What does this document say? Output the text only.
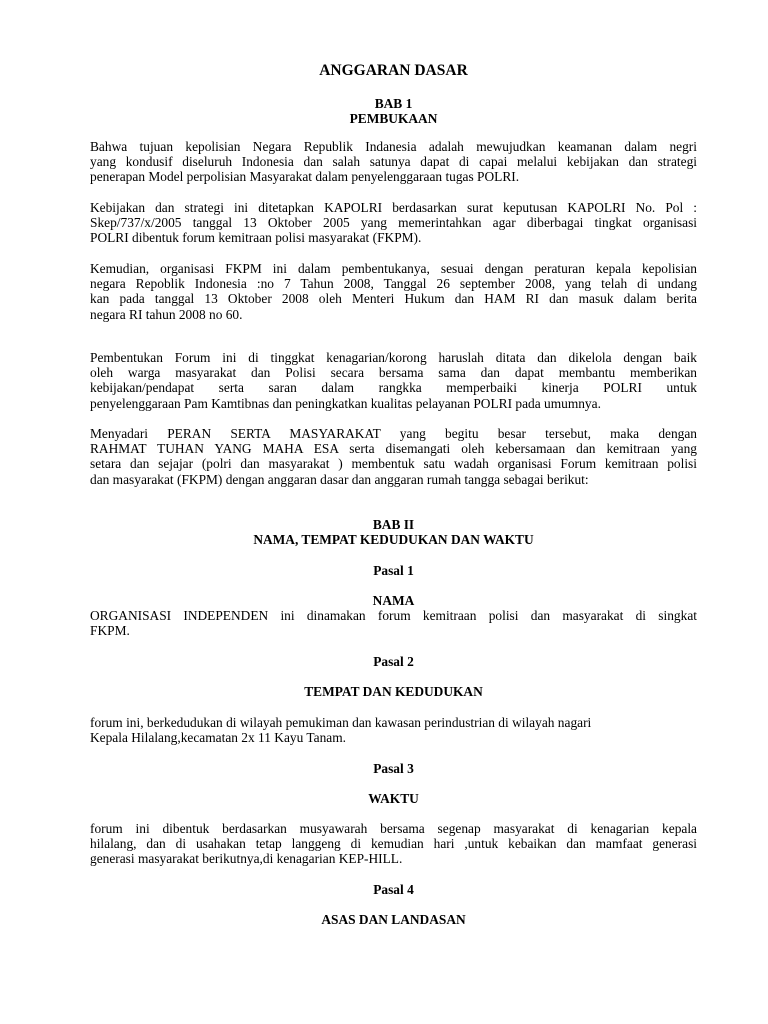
ANGGARAN DASAR
BAB 1
PEMBUKAAN

Bahwa tujuan kepolisian Negara Republik Indanesia adalah mewujudkan keamanan dalam negri

yang kondusif diseluruh Indonesia dan salah satunya dapat di capai melalui kebijakan dan strategi

penerapan Model perpolisian Masyarakat dalam penyelenggaraan tugas POLRI.

Kebijakan dan strategi ini ditetapkan KAPOLRI berdasarkan surat keputusan KAPOLRI No. Pol :

Skep/737/x/2005 tanggal 13 Oktober 2005 yang memerintahkan agar diberbagai tingkat organisasi

POLRI dibentuk forum kemitraan polisi masyarakat (FKPM).

Kemudian, organisasi FKPM ini dalam pembentukanya, sesuai dengan peraturan kepala kepolisian

negara Repoblik Indonesia :no 7 Tahun 2008, Tanggal 26 september 2008, yang telah di undang

kan pada tanggal 13 Oktober 2008 oleh Menteri Hukum dan HAM RI dan masuk dalam berita

negara RI tahun 2008 no 60.

Pembentukan Forum ini di tinggkat kenagarian/korong haruslah ditata dan dikelola dengan baik

oleh warga masyarakat dan Polisi secara bersama sama dan dapat membantu memberikan

kebijakan/pendapat serta saran dalam rangkka memperbaiki kinerja POLRI untuk

penyelenggaraan Pam Kamtibnas dan peningkatkan kualitas pelayanan POLRI pada umumnya.

Menyadari PERAN SERTA MASYARAKAT yang begitu besar tersebut, maka dengan

RAHMAT TUHAN YANG MAHA ESA serta disemangati oleh kebersamaan dan kemitraan yang

setara dan sejajar (polri dan masyarakat ) membentuk satu wadah organisasi Forum kemitraan polisi

dan masyarakat (FKPM) dengan anggaran dasar dan anggaran rumah tangga sebagai berikut:

BAB II
NAMA, TEMPAT KEDUDUKAN DAN WAKTU
Pasal 1
NAMA

ORGANISASI INDEPENDEN ini dinamakan forum kemitraan polisi dan masyarakat di singkat

FKPM.

Pasal 2
TEMPAT DAN KEDUDUKAN

forum ini, berkedudukan di wilayah pemukiman dan kawasan perindustrian di wilayah nagari

Kepala Hilalang,kecamatan 2x 11 Kayu Tanam.

Pasal 3
WAKTU

forum ini dibentuk berdasarkan musyawarah bersama segenap masyarakat di kenagarian kepala

hilalang, dan di usahakan tetap langgeng di kemudian hari ,untuk kebaikan dan mamfaat generasi

generasi masyarakat berikutnya,di kenagarian KEP-HILL.

Pasal 4
ASAS DAN LANDASAN
